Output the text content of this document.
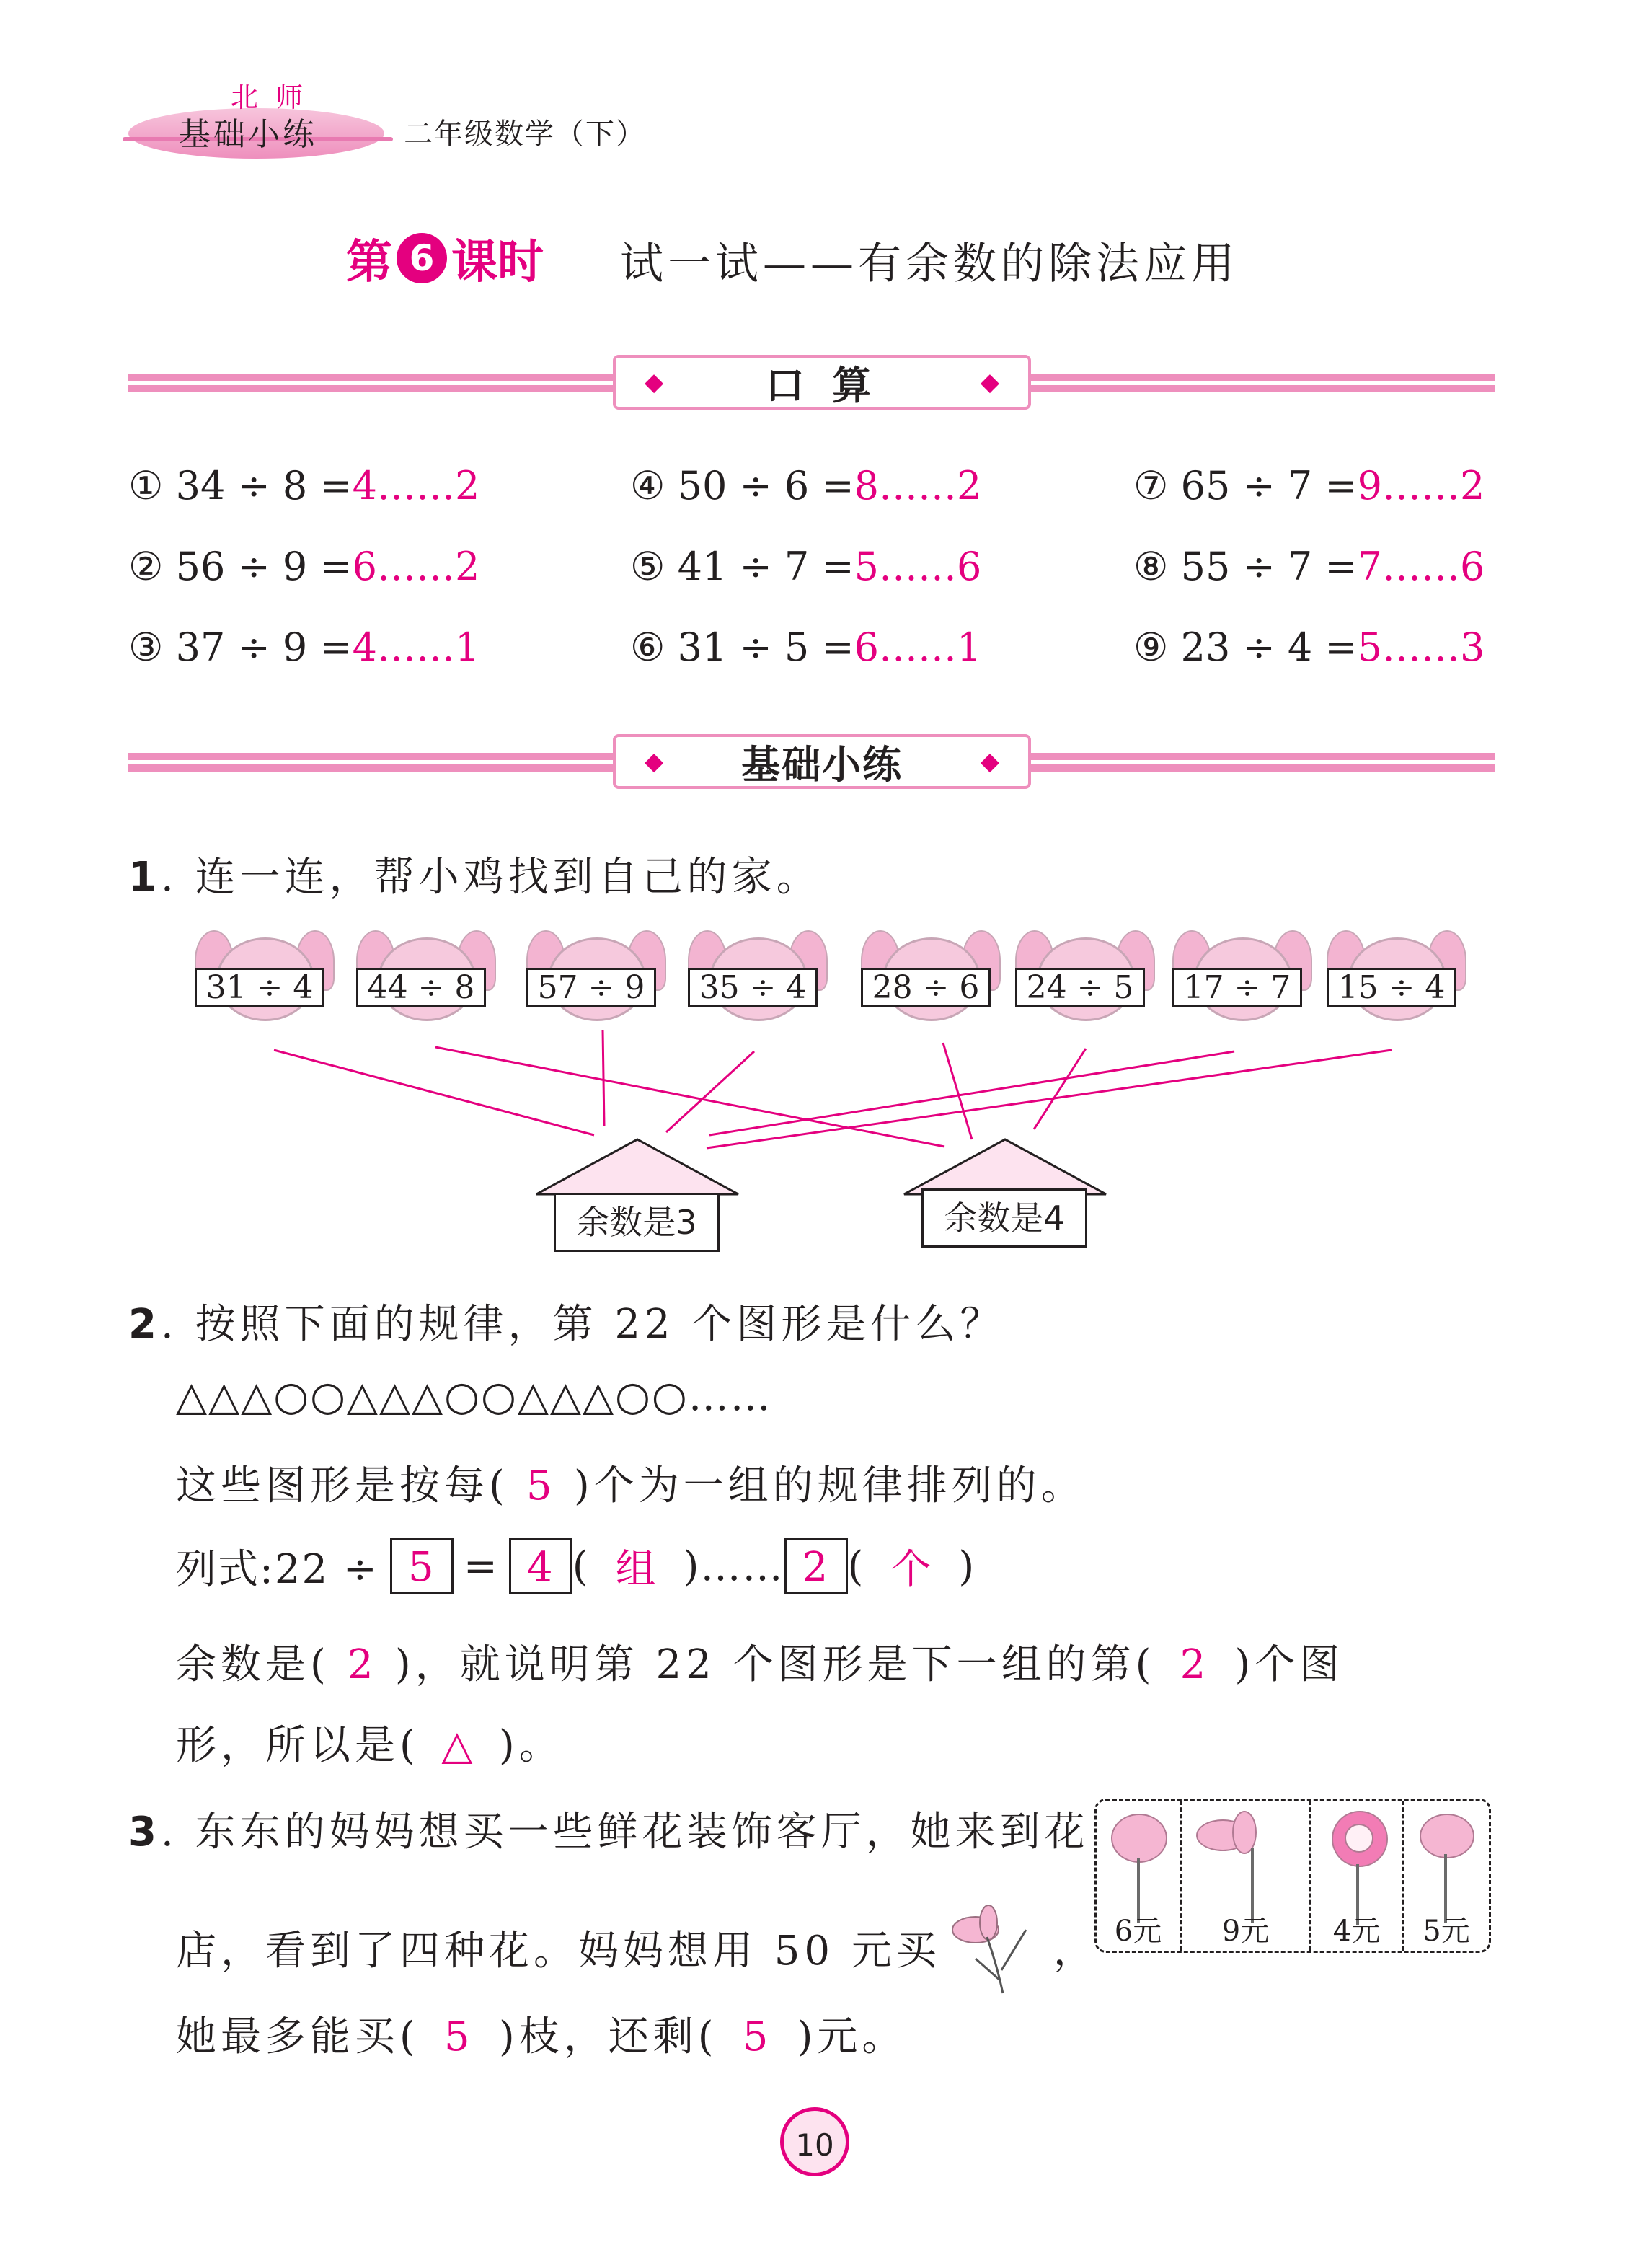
北 师
基础小练	二年级数学（下）
第 6 课时 试一试——有余数的除法应用
◆	口 算	◆
① 34 ÷ 8 =4……2	④ 50 ÷ 6 =8……2	⑦ 65 ÷ 7 =9……2
② 56 ÷ 9 =6……2	⑤ 41 ÷ 7 =5……6	⑧ 55 ÷ 7 =7……6
③ 37 ÷ 9 =4……1	⑥ 31 ÷ 5 =6……1	⑨ 23 ÷ 4 =5……3
◆ 基础小练	◆
1. 连一连，帮小鸡找到自己的家。
31 ÷ 4	44 ÷ 8	57 ÷ 9	35 ÷ 4	28 ÷ 6	24 ÷ 5	17 ÷ 7	15 ÷ 4
余数是3	余数是4
2. 按照下面的规律，第 22 个图形是什么？
△△△○○△△△○○△△△○○……
这些图形是按每( 5 )个为一组的规律排列的。
列式:22 ÷ 5 = 4 ( 组 )…… 2 ( 个 )
余数是( 2 )，就说明第 22 个图形是下一组的第( 2 )个图
形，所以是( △ )。
3. 东东的妈妈想买一些鲜花装饰客厅，她来到花
店，看到了四种花。妈妈想用 50 元买	，
她最多能买( 5 )枝，还剩( 5 )元。
6元	9元	4元	5元
10
